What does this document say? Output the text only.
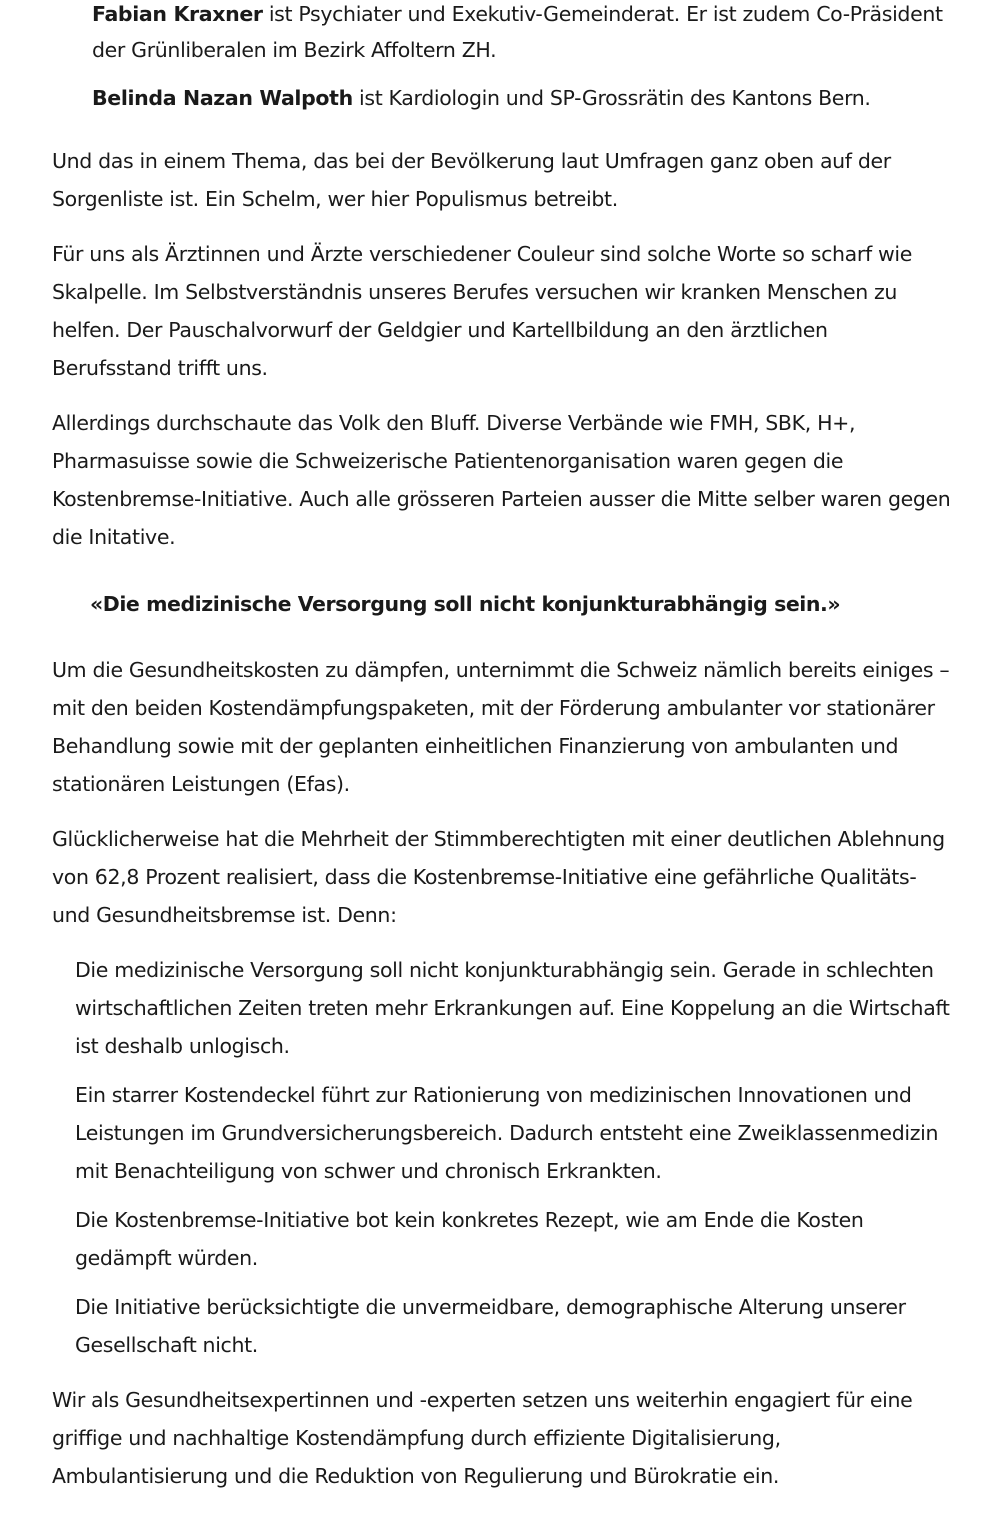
Fabian Kraxner ist Psychiater und Exekutiv-Gemeinderat. Er ist zudem Co-Präsident der Grünliberalen im Bezirk Affoltern ZH.

Belinda Nazan Walpoth ist Kardiologin und SP-Grossrätin des Kantons Bern.

Und das in einem Thema, das bei der Bevölkerung laut Umfragen ganz oben auf der Sorgenliste ist. Ein Schelm, wer hier Populismus betreibt.

Für uns als Ärztinnen und Ärzte verschiedener Couleur sind solche Worte so scharf wie Skalpelle. Im Selbstverständnis unseres Berufes versuchen wir kranken Menschen zu helfen. Der Pauschalvorwurf der Geldgier und Kartellbildung an den ärztlichen Berufsstand trifft uns.

Allerdings durchschaute das Volk den Bluff. Diverse Verbände wie FMH, SBK, H+, Pharmasuisse sowie die Schweizerische Patientenorganisation waren gegen die Kostenbremse-Initiative. Auch alle grösseren Parteien ausser die Mitte selber waren gegen die Initative.

«Die medizinische Versorgung soll nicht konjunkturabhängig sein.»

Um die Gesundheitskosten zu dämpfen, unternimmt die Schweiz nämlich bereits einiges – mit den beiden Kostendämpfungspaketen, mit der Förderung ambulanter vor stationärer Behandlung sowie mit der geplanten einheitlichen Finanzierung von ambulanten und stationären Leistungen (Efas).

Glücklicherweise hat die Mehrheit der Stimmberechtigten mit einer deutlichen Ablehnung von 62,8 Prozent realisiert, dass die Kostenbremse-Initiative eine gefährliche Qualitäts- und Gesundheitsbremse ist. Denn:

Die medizinische Versorgung soll nicht konjunkturabhängig sein. Gerade in schlechten wirtschaftlichen Zeiten treten mehr Erkrankungen auf. Eine Koppelung an die Wirtschaft ist deshalb unlogisch.
Ein starrer Kostendeckel führt zur Rationierung von medizinischen Innovationen und Leistungen im Grundversicherungsbereich. Dadurch entsteht eine Zweiklassenmedizin mit Benachteiligung von schwer und chronisch Erkrankten.
Die Kostenbremse-Initiative bot kein konkretes Rezept, wie am Ende die Kosten gedämpft würden.
Die Initiative berücksichtigte die unvermeidbare, demographische Alterung unserer Gesellschaft nicht.

Wir als Gesundheitsexpertinnen und -experten setzen uns weiterhin engagiert für eine griffige und nachhaltige Kostendämpfung durch effiziente Digitalisierung, Ambulantisierung und die Reduktion von Regulierung und Bürokratie ein.
